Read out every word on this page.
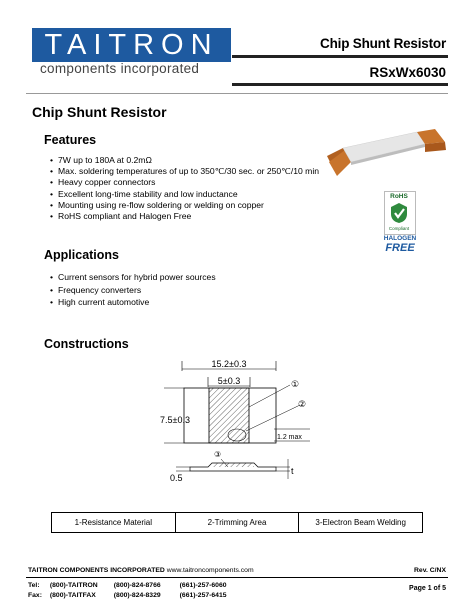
TAITRON
components incorporated
Chip Shunt Resistor
RSxWx6030
Chip Shunt Resistor
Features
• 7W up to 180A at 0.2mΩ
• Max. soldering temperatures of up to 350℃/30 sec. or 250℃/10 min
• Heavy copper connectors
• Excellent long-time stability and low inductance
• Mounting using re-flow soldering or welding on copper
• RoHS compliant and Halogen Free
RoHS
Compliant
HALOGEN
FREE
Applications
• Current sensors for hybrid power sources
• Frequency converters
• High current automotive
Constructions
15.2±0.3
5±0.3
7.5±0.3
1.2 max
①
②
③
0.5
t
1-Resistance Material	2-Trimming Area	3-Electron Beam Welding
TAITRON COMPONENTS INCORPORATED www.taitroncomponents.com	Rev. C/NX
Tel: (800)-TAITRON (800)-824-8766	(661)-257-6060
Fax: (800)-TAITFAX	(800)-824-8329	(661)-257-6415
Page 1 of 5
